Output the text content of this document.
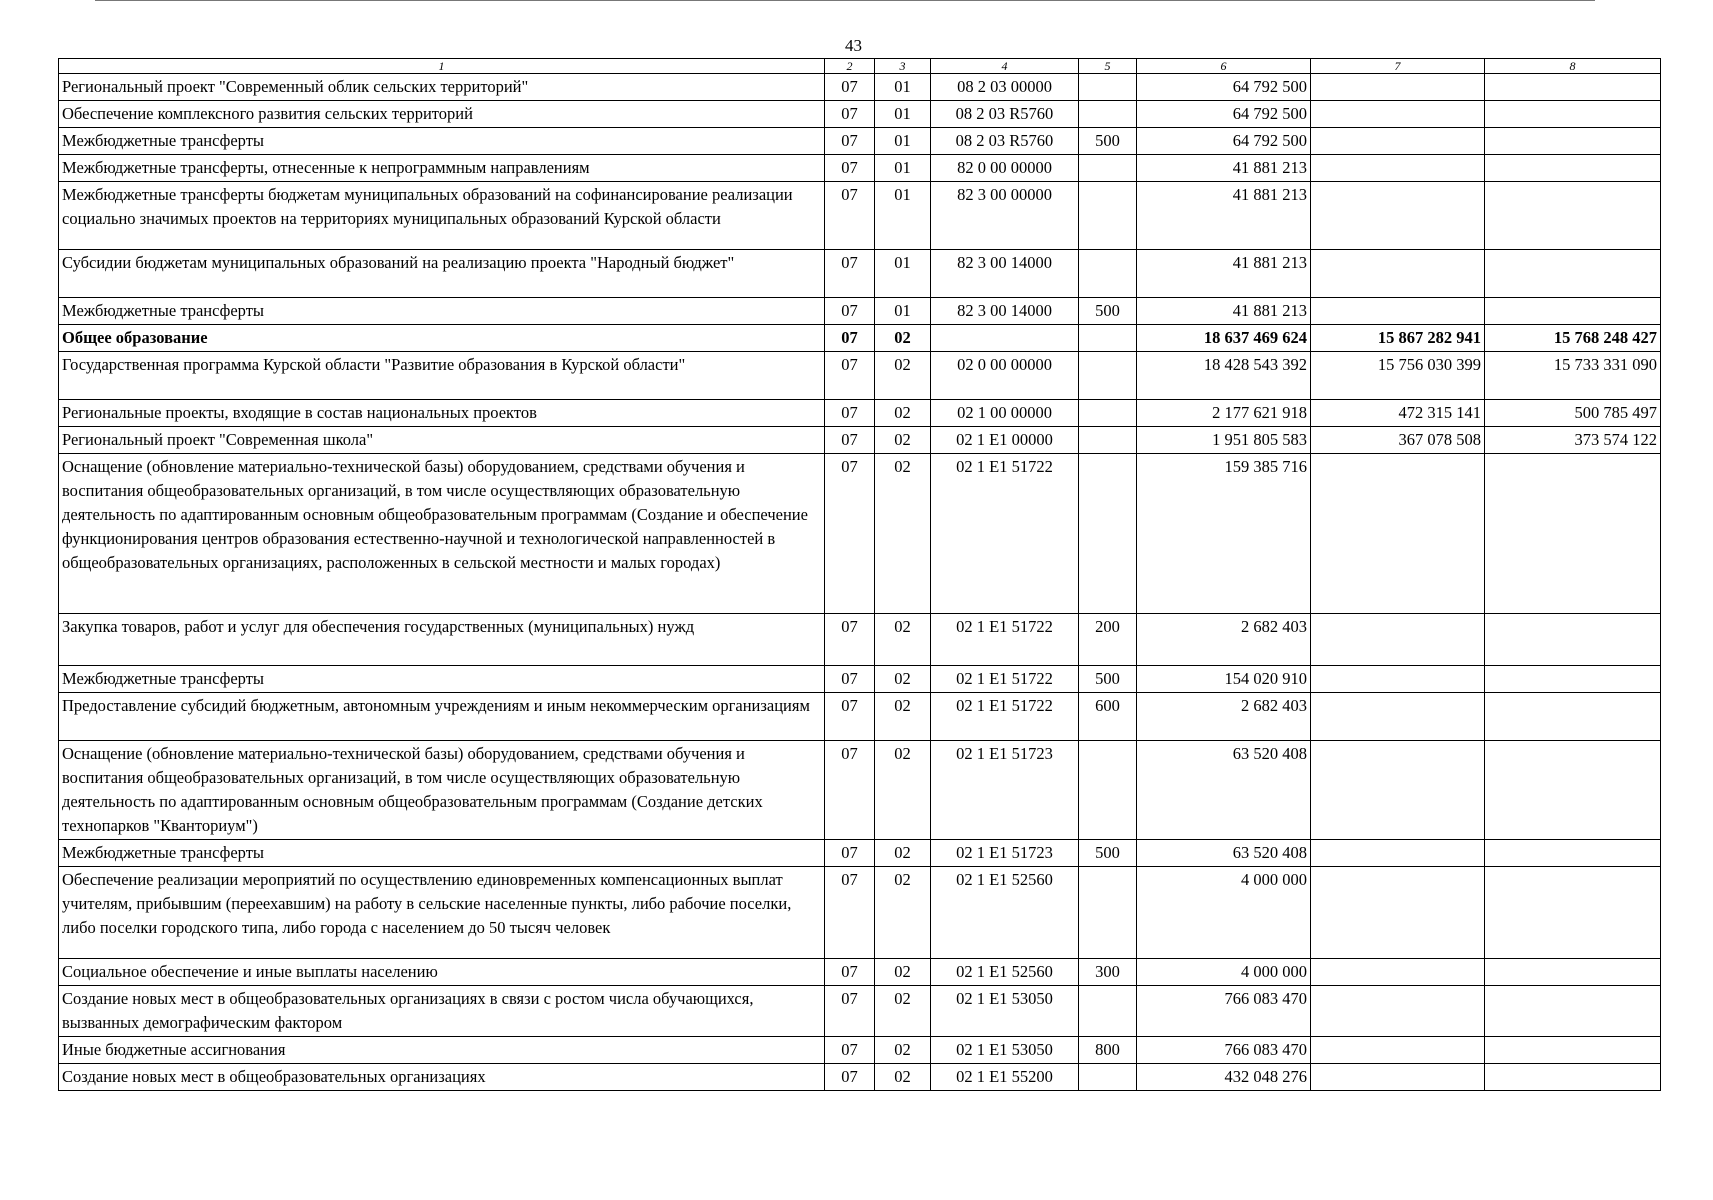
43
1	2	3	4	5	6	7	8
Региональный проект "Современный облик сельских территорий"	07	01	08 2 03 00000		64 792 500		
Обеспечение комплексного развития сельских территорий	07	01	08 2 03 R5760		64 792 500		
Межбюджетные трансферты	07	01	08 2 03 R5760	500	64 792 500		
Межбюджетные трансферты, отнесенные к непрограммным направлениям	07	01	82 0 00 00000		41 881 213		
Межбюджетные трансферты бюджетам муниципальных образований на софинансирование реализации социально значимых проектов на территориях муниципальных образований Курской области	07	01	82 3 00 00000		41 881 213		
Субсидии бюджетам муниципальных образований на реализацию проекта "Народный бюджет"	07	01	82 3 00 14000		41 881 213		
Межбюджетные трансферты	07	01	82 3 00 14000	500	41 881 213		
Общее образование	07	02			18 637 469 624	15 867 282 941	15 768 248 427
Государственная программа Курской области "Развитие образования в Курской области"	07	02	02 0 00 00000		18 428 543 392	15 756 030 399	15 733 331 090
Региональные проекты, входящие в состав национальных проектов	07	02	02 1 00 00000		2 177 621 918	472 315 141	500 785 497
Региональный проект "Современная школа"	07	02	02 1 E1 00000		1 951 805 583	367 078 508	373 574 122
Оснащение (обновление материально-технической базы) оборудованием, средствами обучения и воспитания общеобразовательных организаций, в том числе осуществляющих образовательную деятельность по адаптированным основным общеобразовательным программам (Создание и обеспечение функционирования центров образования естественно-научной и технологической направленностей в общеобразовательных организациях, расположенных в сельской местности и малых городах)	07	02	02 1 E1 51722		159 385 716		
Закупка товаров, работ и услуг для обеспечения государственных (муниципальных) нужд	07	02	02 1 E1 51722	200	2 682 403		
Межбюджетные трансферты	07	02	02 1 E1 51722	500	154 020 910		
Предоставление субсидий бюджетным, автономным учреждениям и иным некоммерческим организациям	07	02	02 1 E1 51722	600	2 682 403		
Оснащение (обновление материально-технической базы) оборудованием, средствами обучения и воспитания общеобразовательных организаций, в том числе осуществляющих образовательную деятельность по адаптированным основным общеобразовательным программам (Создание детских технопарков "Кванториум")	07	02	02 1 E1 51723		63 520 408		
Межбюджетные трансферты	07	02	02 1 E1 51723	500	63 520 408		
Обеспечение реализации мероприятий по осуществлению единовременных компенсационных выплат учителям, прибывшим (переехавшим) на работу в сельские населенные пункты, либо рабочие поселки, либо поселки городского типа, либо города с населением до 50 тысяч человек	07	02	02 1 E1 52560		4 000 000		
Социальное обеспечение и иные выплаты населению	07	02	02 1 E1 52560	300	4 000 000		
Создание новых мест в общеобразовательных организациях в связи с ростом числа обучающихся, вызванных демографическим фактором	07	02	02 1 E1 53050		766 083 470		
Иные бюджетные ассигнования	07	02	02 1 E1 53050	800	766 083 470		
Создание новых мест в общеобразовательных организациях	07	02	02 1 E1 55200		432 048 276		
